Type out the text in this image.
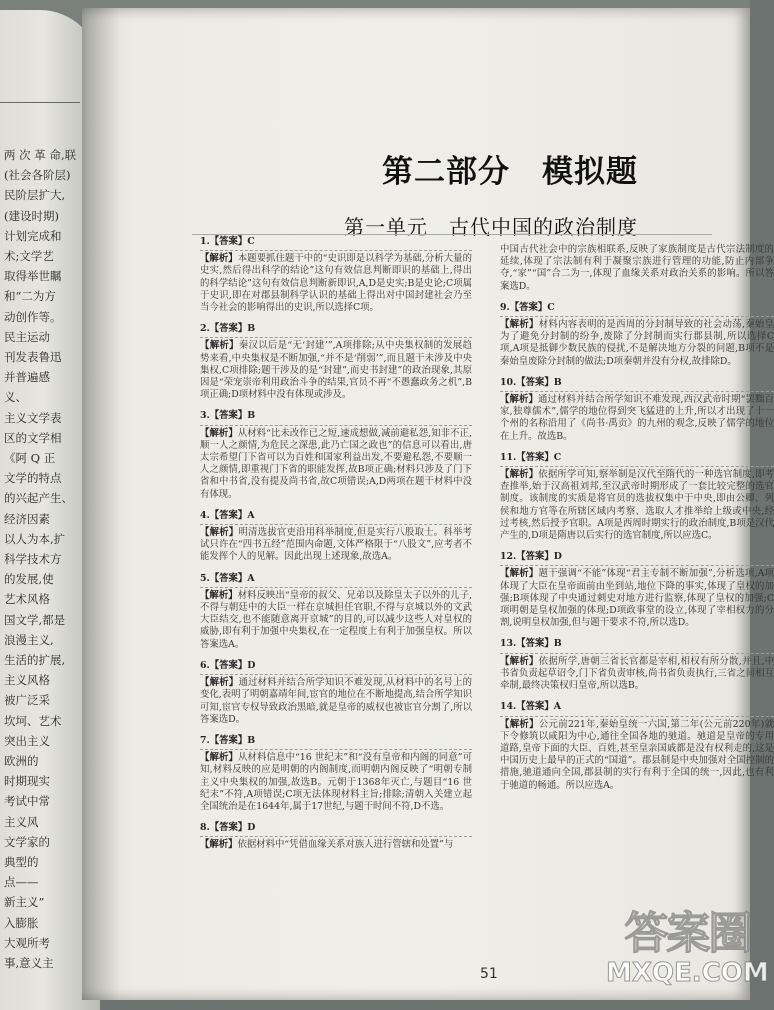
两 次 革 命,联
(社会各阶层)
民阶层扩大,
(建设时期)
计划完成和
术;文学艺
取得举世瞩
和“二为方
动创作等。
民主运动
刊发表鲁迅
并普遍感
义、
主义文学表
区的文学相
《阿 Q 正
文学的特点
的兴起产生、
经济因素
以人为本,扩
科学技术方
的发展,使
艺术风格
国文学,都是
浪漫主义,
生活的扩展,
主义风格
被广泛采
坎坷、艺术
突出主义
欧洲的
时期现实
考试中常
主义风
文学家的
典型的
点——
新主义”
入膨胀
大观所考
事,意义主
第二部分　模拟题
第一单元　古代中国的政治制度
1.【答案】C
【解析】本题要抓住题干中的“史识即是以科学为基础,分析大量的史实,然后得出科学的结论”这句有效信息判断即识的基础上,得出的科学结论”这句有效信息判断新即识,A,D是史实;B是史论;C项属于史识,即在对郡县制科学认识的基础上得出对中国封建社会乃至当今社会的影响得出的史识,所以选择C项。
2.【答案】B
【解析】秦汉以后是“无‘封建’”,A项排除;从中央集权制的发展趋势来看,中央集权是不断加强,“并不是‘削弱’”,而且题干未涉及中央集权,C项排除;题干涉及的是“封建”,而史书封建”的政治现象,其原因是“荣宠崇帝利用政治斗争的结果,官员不再“不愚蠢政务之机”,B项正确;D项材料中没有体现或涉及。
3.【答案】B
【解析】从材料“比未改作已之短,速成想做,减前避私怨,知非不正,顺一人之颜情,为危民之深患,此乃亡国之政也”的信息可以看出,唐太宗希望门下省可以为百姓和国家利益出发,不要避私怨,不要顺一人之颜情,即重视门下省的职能发挥,故B项正确;材料只涉及了门下省和中书省,没有提及尚书省,故C项错误;A,D两项在题干材料中没有体现。
4.【答案】A
【解析】明清选拔官吏沿用科举制度,但是实行八股取士。科举考试只许在“四书五经”范围内命题,文体严格限于“八股文”,应考者不能发挥个人的见解。因此出现上述现象,故选A。
5.【答案】A
【解析】材料反映出“皇帝的叔父、兄弟以及除皇太子以外的儿子,不得与朝廷中的大臣一样在京城担任官职,不得与京城以外的文武大臣结交,也不能随意离开京城”的目的,可以减少这些人对皇权的威胁,即有利于加强中央集权,在一定程度上有利于加强皇权。所以答案选A。
6.【答案】D
【解析】通过材料并结合所学知识不难发现,从材料中的名号上的变化,表明了明朝嘉靖年间,宦官的地位在不断地提高,结合所学知识可知,宦官专权导致政治黑暗,就是皇帝的威权也被宦官分割了,所以答案选D。
7.【答案】B
【解析】从材料信息中“16 世纪末”和“没有皇帝和内阁的同意”可知,材料反映的应是明朝的内阁制度,而明朝内阁反映了“明朝专制主义中央集权的加强,故选B。元朝于1368年灭亡,与题目“16 世纪末”不符,A项错误;C项无法体现材料主旨;排除;清朝入关建立起全国统治是在1644年,属于17世纪,与题干时间不符,D不选。
8.【答案】D
【解析】依据材料中“凭借血缘关系对族人进行管辖和处置”与
中国古代社会中的宗族相联系,反映了家族制度是古代宗法制度的延续,体现了宗法制有利于凝聚宗族进行管理的功能,防止内部争夺,“家”“国”合二为一,体现了血缘关系对政治关系的影响。所以答案选D。
9.【答案】C
【解析】材料内容表明的是西周的分封制导致的社会动荡,秦始皇为了避免分封制的纷争,废除了分封制而实行郡县制,所以选择C项,A项是抵御少数民族的侵扰,不是解决地方分裂的问题,B项不是秦始皇废除分封制的做法;D项秦朝并没有分权,故排除D。
10.【答案】B
【解析】通过材料并结合所学知识不难发现,西汉武帝时期“罢黜百家,独尊儒术”,儒学的地位得到突飞猛进的上升,所以才出现了十一个州的名称沿用了《尚书·禹贡》的九州的观念,反映了儒学的地位在上升。故选B。
11.【答案】C
【解析】依据所学可知,察举制是汉代至隋代的一种选官制度,即考查推举,始于汉高祖刘邦,至汉武帝时期形成了一套比较完整的选官制度。该制度的实质是将官员的选拔权集中于中央,即由公卿、列侯和地方官等在所辖区域内考察、选取人才推举给上级或中央,经过考核,然后授予官职。A项是西周时期实行的政治制度,B项是汉代产生的,D项是隋唐以后实行的选官制度,所以应选C。
12.【答案】D
【解析】题干强调“不能”体现“君主专制不断加强”,分析选项,A项体现了大臣在皇帝面前由坐到站,地位下降的事实,体现了皇权的加强;B项体现了中央通过刺史对地方进行监察,体现了皇权的加强;C项明朝是皇权加强的体现;D项政事堂的设立,体现了宰相权力的分割,说明皇权加强,但与题干要求不符,所以选D。
13.【答案】B
【解析】依据所学,唐朝三省长官都是宰相,相权有所分散,并且,中书省负责起草诏令,门下省负责审核,尚书省负责执行,三省之间相互牵制,最终决策权归皇帝,所以选B。
14.【答案】A
【解析】公元前221年,秦始皇统一六国,第二年(公元前220年)就下令修筑以咸阳为中心,通往全国各地的驰道。驰道是皇帝的专用道路,皇帝下面的大臣、百姓,甚至皇亲国戚都是没有权利走的,这是中国历史上最早的正式的“国道”。郡县制是中央加强对全国控制的措施,驰道通向全国,郡县制的实行有利于全国的统一,因此,也有利于驰道的畅通。所以应选A。
51
答案圈
MXQE.COM
